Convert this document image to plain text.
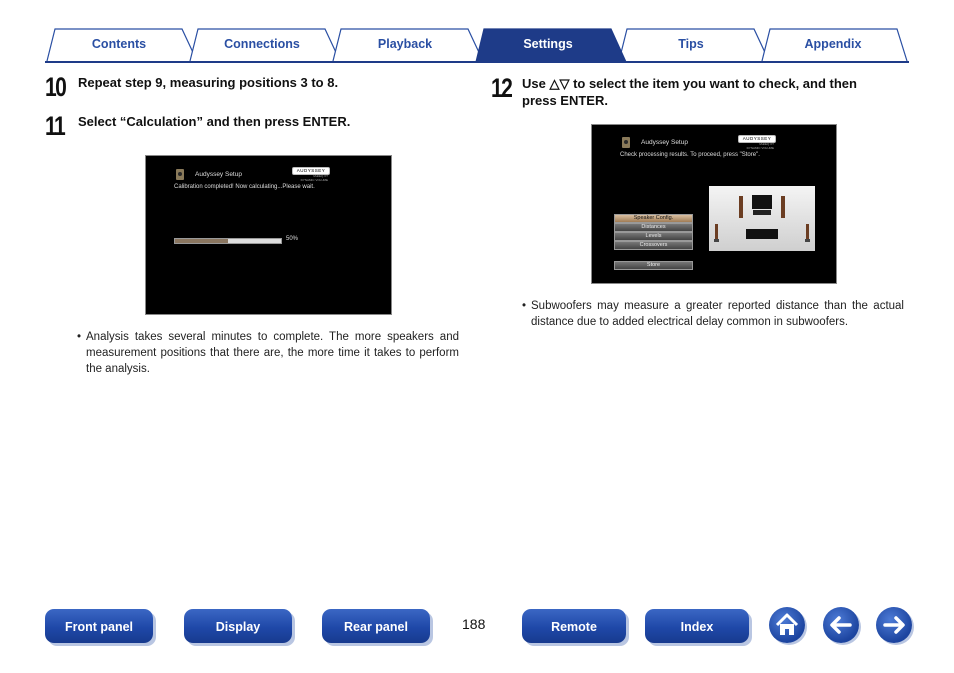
Contents	Connections	Playback	Settings	Tips	Appendix
10 Repeat step 9, measuring positions 3 to 8.
11 Select “Calculation” and then press ENTER.
Audyssey Setup
AUDYSSEY
MultEQ XT
DYNAMIC VOLUME
Calibration completed! Now calculating...Please wait.
50%
• Analysis takes several minutes to complete. The more speakers and measurement positions that there are, the more time it takes to perform the analysis.
12 Use △▽ to select the item you want to check, and then
press ENTER.
Audyssey Setup
AUDYSSEY
MultEQ XT
DYNAMIC VOLUME
Check processing results. To proceed, press "Store".
Speaker Config.
Distances
Levels
Crossovers
Store
• Subwoofers may measure a greater reported distance than the actual distance due to added electrical delay common in subwoofers.
Front panel	Display	Rear panel	188	Remote	Index
